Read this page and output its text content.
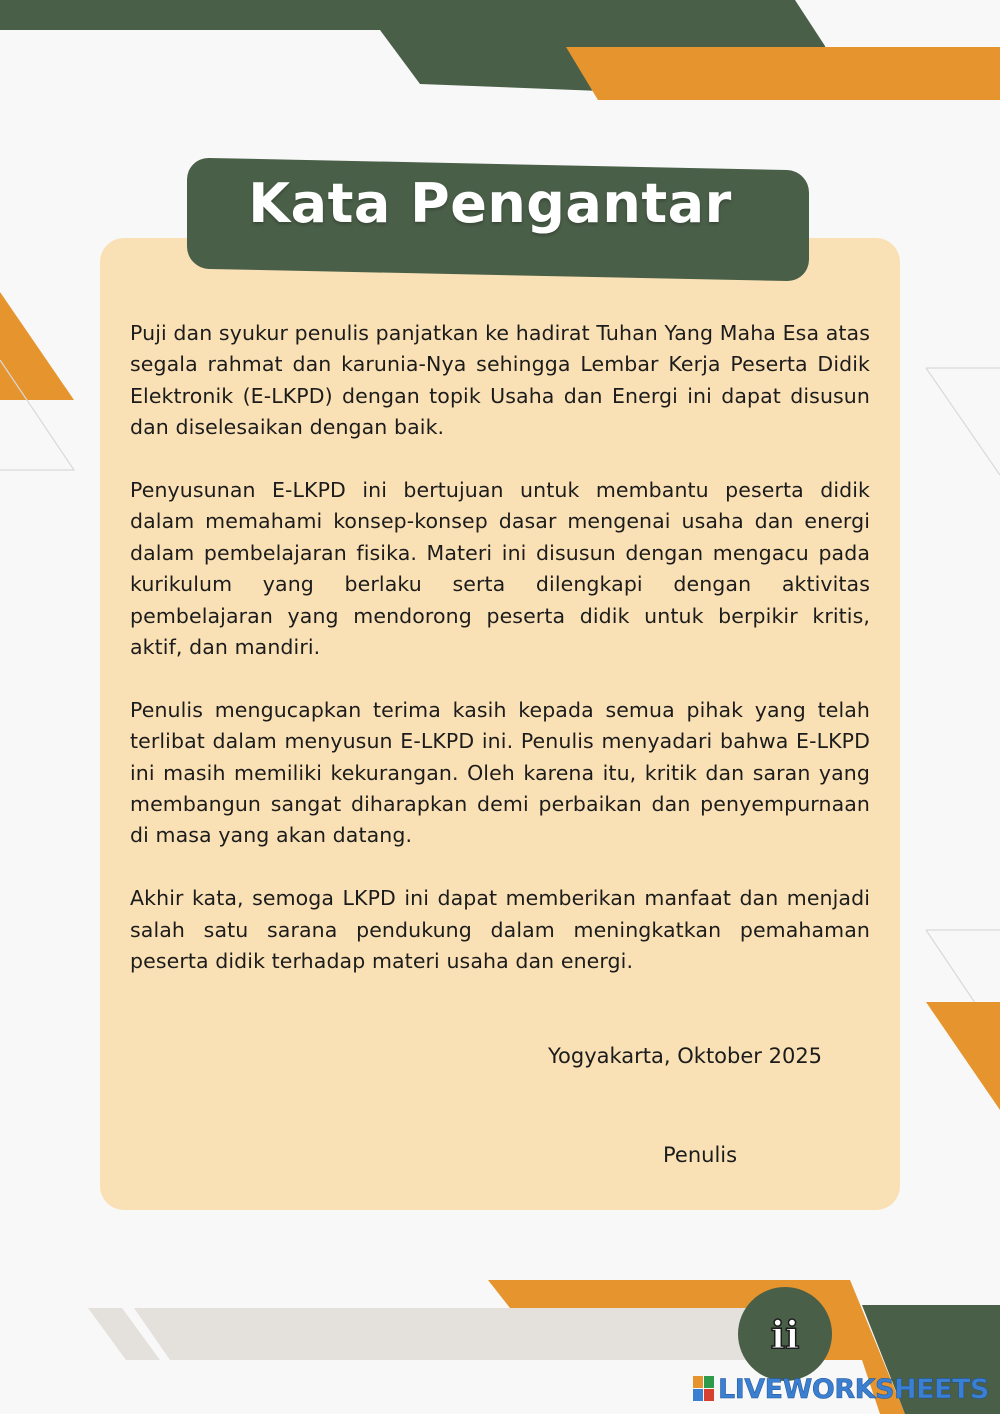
Kata Pengantar

Puji dan syukur penulis panjatkan ke hadirat Tuhan Yang Maha Esa atas segala rahmat dan karunia-Nya sehingga Lembar Kerja Peserta Didik Elektronik (E-LKPD) dengan topik Usaha dan Energi ini dapat disusun dan diselesaikan dengan baik.

Penyusunan E-LKPD ini bertujuan untuk membantu peserta didik dalam memahami konsep-konsep dasar mengenai usaha dan energi dalam pembelajaran fisika. Materi ini disusun dengan mengacu pada kurikulum yang berlaku serta dilengkapi dengan aktivitas pembelajaran yang mendorong peserta didik untuk berpikir kritis, aktif, dan mandiri.

Penulis mengucapkan terima kasih kepada semua pihak yang telah terlibat dalam menyusun E-LKPD ini. Penulis menyadari bahwa E-LKPD ini masih memiliki kekurangan. Oleh karena itu, kritik dan saran yang membangun sangat diharapkan demi perbaikan dan penyempurnaan di masa yang akan datang.

Akhir kata, semoga LKPD ini dapat memberikan manfaat dan menjadi salah satu sarana pendukung dalam meningkatkan pemahaman peserta didik terhadap materi usaha dan energi.

Yogyakarta, Oktober 2025
Penulis
ii
LIVEWORKSHEETS
